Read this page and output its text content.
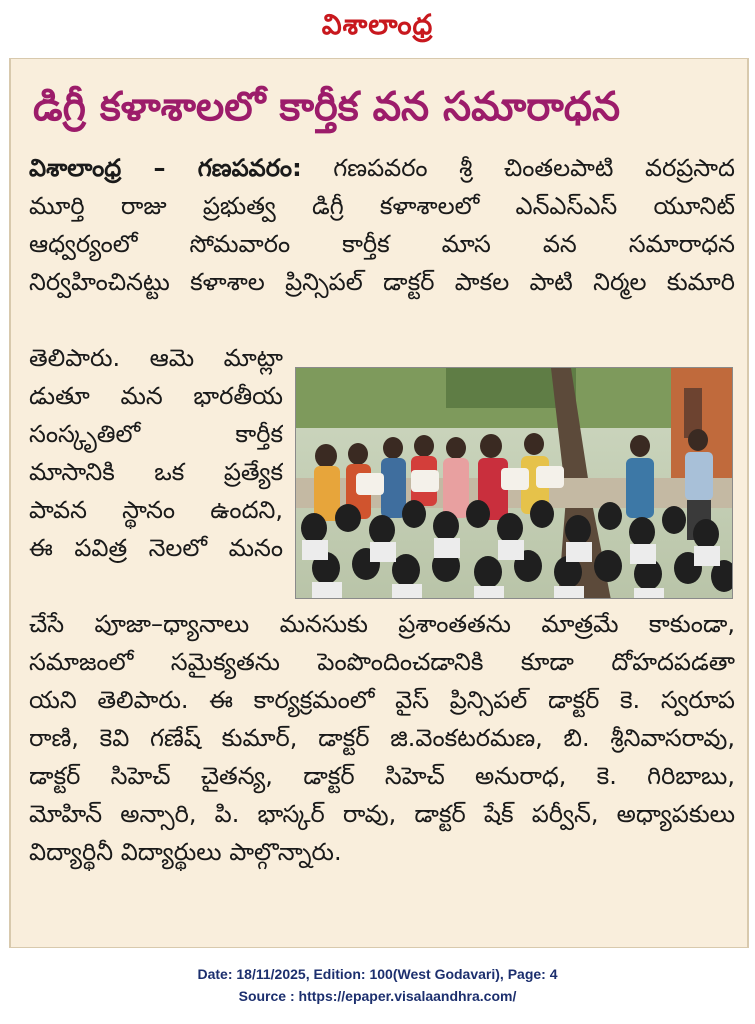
విశాలాంధ్ర
డిగ్రీ కళాశాలలో కార్తీక వన సమారాధన
విశాలాంధ్ర – గణపవరం: గణపవరం శ్రీ చింతలపాటి వరప్రసాద
మూర్తి రాజు ప్రభుత్వ డిగ్రీ కళాశాలలో ఎన్ఎస్ఎస్ యూనిట్
ఆధ్వర్యంలో సోమవారం కార్తీక మాస వన సమారాధన
నిర్వహించినట్టు కళాశాల ప్రిన్సిపల్ డాక్టర్ పాకల పాటి నిర్మల కుమారి
తెలిపారు. ఆమె మాట్లా
డుతూ మన భారతీయ
సంస్కృతిలో కార్తీక
మాసానికి ఒక ప్రత్యేక
పావన స్థానం ఉందని,
ఈ పవిత్ర నెలలో మనం
చేసే పూజా–ధ్యానాలు మనసుకు ప్రశాంతతను మాత్రమే కాకుండా,
సమాజంలో సమైక్యతను పెంపొందించడానికి కూడా దోహదపడతా
యని తెలిపారు. ఈ కార్యక్రమంలో వైస్ ప్రిన్సిపల్ డాక్టర్ కె. స్వరూప
రాణి, కెవి గణేష్ కుమార్, డాక్టర్ జి.వెంకటరమణ, బి. శ్రీనివాసరావు,
డాక్టర్ సిహెచ్ చైతన్య, డాక్టర్ సిహెచ్ అనురాధ, కె. గిరిబాబు,
మోహిన్ అన్సారి, పి. భాస్కర్ రావు, డాక్టర్ షేక్ పర్వీన్, అధ్యాపకులు
విద్యార్థినీ విద్యార్థులు పాల్గొన్నారు.
Date: 18/11/2025, Edition: 100(West Godavari), Page: 4
Source : https://epaper.visalaandhra.com/
